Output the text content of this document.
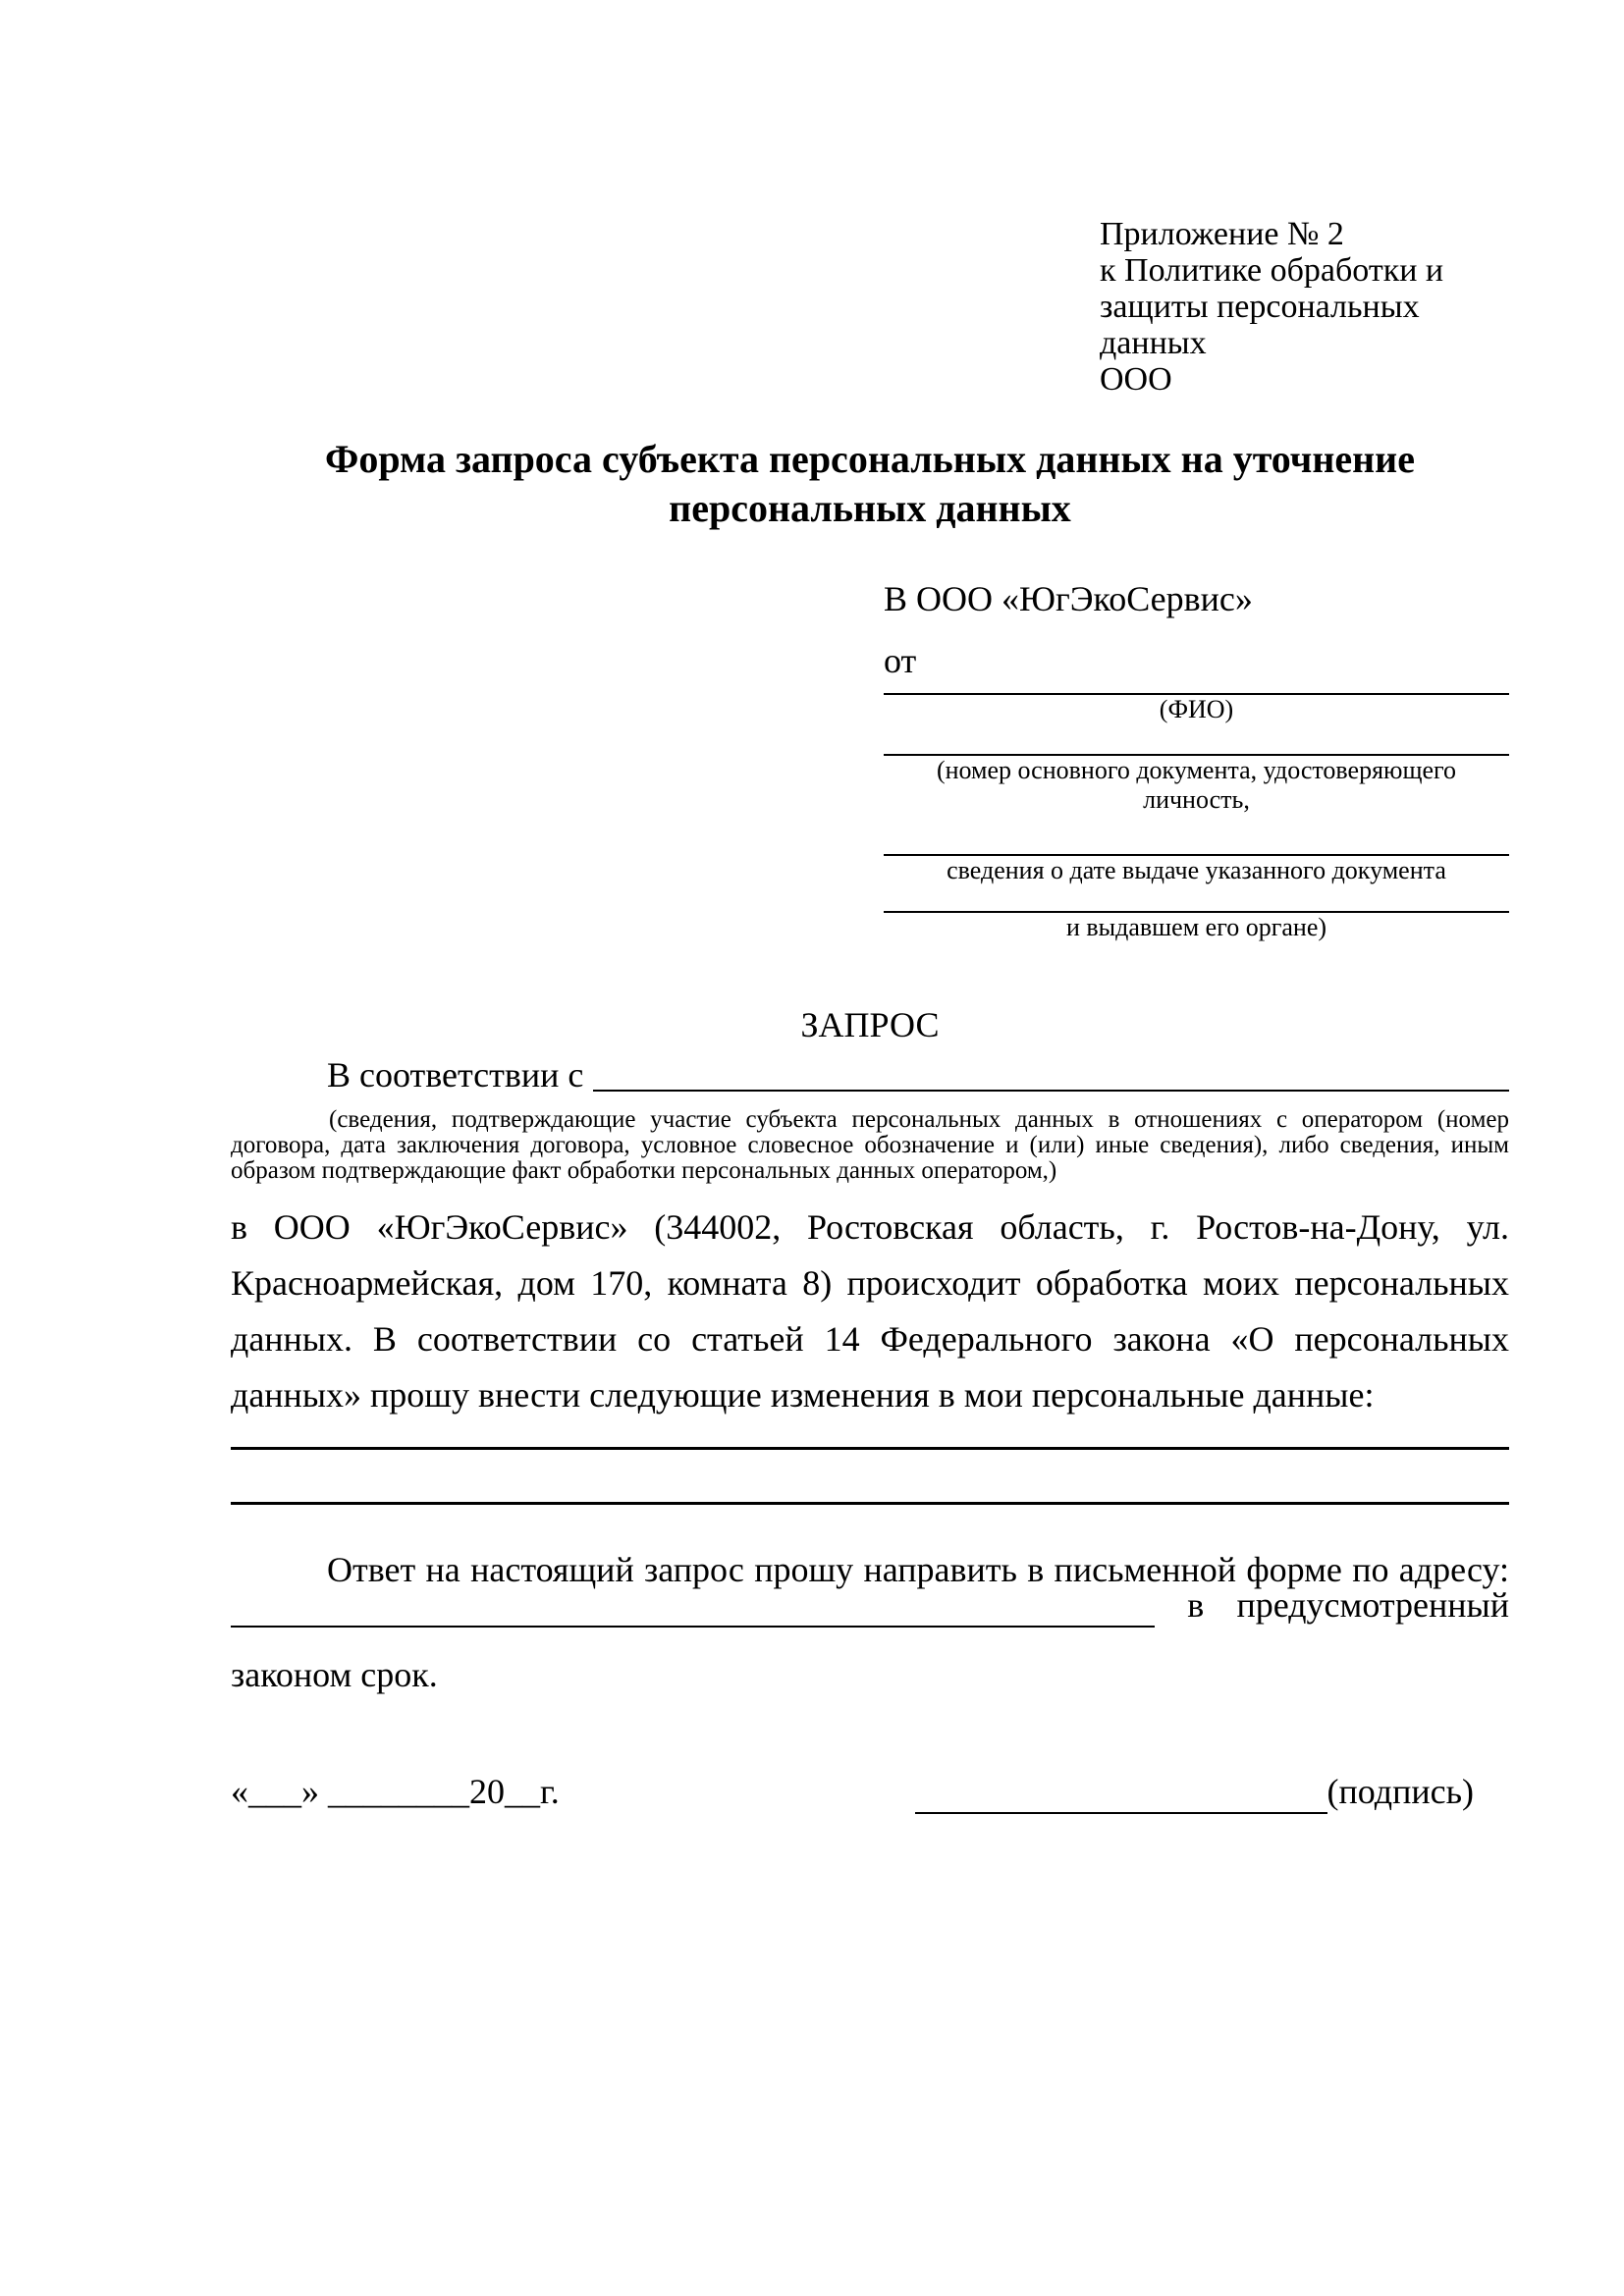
Приложение № 2
к Политике обработки и
защиты персональных данных
ООО
Форма запроса субъекта персональных данных на уточнение
персональных данных
В ООО «ЮгЭкоСервис»
от
(ФИО)
(номер основного документа, удостоверяющего личность,
сведения о дате выдаче указанного документа
и выдавшем его органе)
ЗАПРОС
В соответствии с
(сведения, подтверждающие участие субъекта персональных данных в отношениях с оператором (номер договора, дата заключения договора, условное словесное обозначение и (или) иные сведения), либо сведения, иным образом подтверждающие факт обработки персональных данных оператором,)
в ООО «ЮгЭкоСервис» (344002, Ростовская область, г. Ростов-на-Дону, ул. Красноармейская, дом 170, комната 8) происходит обработка моих персональных данных. В соответствии со статьей 14 Федерального закона «О персональных данных» прошу внести следующие изменения в мои персональные данные:
Ответ на настоящий запрос прошу направить в письменной форме по адресу:
в предусмотренный
законом срок.
«___» ________20__г.	(подпись)
